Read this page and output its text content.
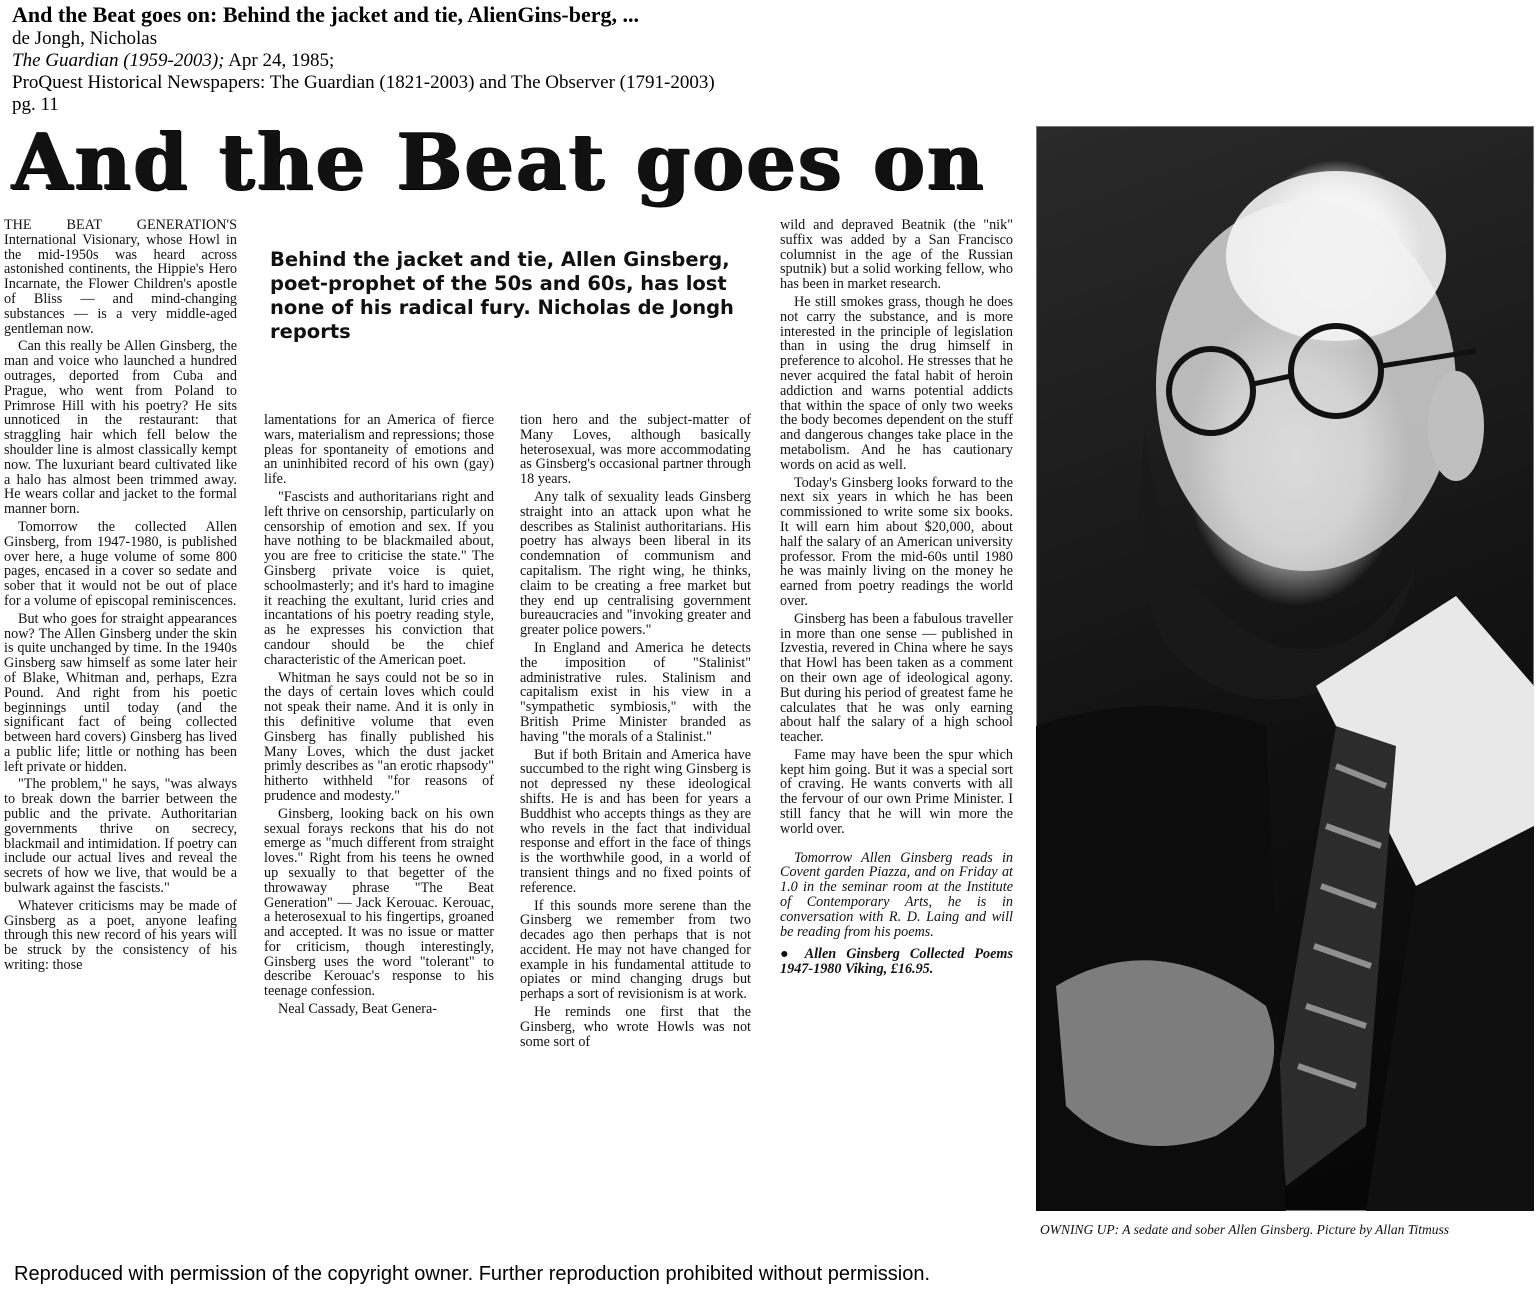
And the Beat goes on: Behind the jacket and tie, AlienGins-berg, ...
de Jongh, Nicholas
The Guardian (1959-2003); Apr 24, 1985;
ProQuest Historical Newspapers: The Guardian (1821-2003) and The Observer (1791-2003)
pg. 11
And the Beat goes on
Behind the jacket and tie, Allen Ginsberg, poet-prophet of the 50s and 60s, has lost none of his radical fury. Nicholas de Jongh reports

THE BEAT GENERATION'S International Visionary, whose Howl in the mid-1950s was heard across astonished continents, the Hippie's Hero Incarnate, the Flower Children's apostle of Bliss — and mind-changing substances — is a very middle-aged gentleman now.

Can this really be Allen Ginsberg, the man and voice who launched a hundred outrages, deported from Cuba and Prague, who went from Poland to Primrose Hill with his poetry? He sits unnoticed in the restaurant: that straggling hair which fell below the shoulder line is almost classically kempt now. The luxuriant beard cultivated like a halo has almost been trimmed away. He wears collar and jacket to the formal manner born.

Tomorrow the collected Allen Ginsberg, from 1947-1980, is published over here, a huge volume of some 800 pages, encased in a cover so sedate and sober that it would not be out of place for a volume of episcopal reminiscences.

But who goes for straight appearances now? The Allen Ginsberg under the skin is quite unchanged by time. In the 1940s Ginsberg saw himself as some later heir of Blake, Whitman and, perhaps, Ezra Pound. And right from his poetic beginnings until today (and the significant fact of being collected between hard covers) Ginsberg has lived a public life; little or nothing has been left private or hidden.

"The problem," he says, "was always to break down the barrier between the public and the private. Authoritarian governments thrive on secrecy, blackmail and intimidation. If poetry can include our actual lives and reveal the secrets of how we live, that would be a bulwark against the fascists."

Whatever criticisms may be made of Ginsberg as a poet, anyone leafing through this new record of his years will be struck by the consistency of his writing: those

lamentations for an America of fierce wars, materialism and repressions; those pleas for spontaneity of emotions and an uninhibited record of his own (gay) life.

"Fascists and authoritarians right and left thrive on censorship, particularly on censorship of emotion and sex. If you have nothing to be blackmailed about, you are free to criticise the state." The Ginsberg private voice is quiet, schoolmasterly; and it's hard to imagine it reaching the exultant, lurid cries and incantations of his poetry reading style, as he expresses his conviction that candour should be the chief characteristic of the American poet.

Whitman he says could not be so in the days of certain loves which could not speak their name. And it is only in this definitive volume that even Ginsberg has finally published his Many Loves, which the dust jacket primly describes as "an erotic rhapsody" hitherto withheld "for reasons of prudence and modesty."

Ginsberg, looking back on his own sexual forays reckons that his do not emerge as "much different from straight loves." Right from his teens he owned up sexually to that begetter of the throwaway phrase "The Beat Generation" — Jack Kerouac. Kerouac, a heterosexual to his fingertips, groaned and accepted. It was no issue or matter for criticism, though interestingly, Ginsberg uses the word "tolerant" to describe Kerouac's response to his teenage confession.

Neal Cassady, Beat Genera-

tion hero and the subject-matter of Many Loves, although basically heterosexual, was more accommodating as Ginsberg's occasional partner through 18 years.

Any talk of sexuality leads Ginsberg straight into an attack upon what he describes as Stalinist authoritarians. His poetry has always been liberal in its condemnation of communism and capitalism. The right wing, he thinks, claim to be creating a free market but they end up centralising government bureaucracies and "invoking greater and greater police powers."

In England and America he detects the imposition of "Stalinist" administrative rules. Stalinism and capitalism exist in his view in a "sympathetic symbiosis," with the British Prime Minister branded as having "the morals of a Stalinist."

But if both Britain and America have succumbed to the right wing Ginsberg is not depressed ny these ideological shifts. He is and has been for years a Buddhist who accepts things as they are who revels in the fact that individual response and effort in the face of things is the worthwhile good, in a world of transient things and no fixed points of reference.

If this sounds more serene than the Ginsberg we remember from two decades ago then perhaps that is not accident. He may not have changed for example in his fundamental attitude to opiates or mind changing drugs but perhaps a sort of revisionism is at work.

He reminds one first that the Ginsberg, who wrote Howls was not some sort of

wild and depraved Beatnik (the "nik" suffix was added by a San Francisco columnist in the age of the Russian sputnik) but a solid working fellow, who has been in market research.

He still smokes grass, though he does not carry the substance, and is more interested in the principle of legislation than in using the drug himself in preference to alcohol. He stresses that he never acquired the fatal habit of heroin addiction and warns potential addicts that within the space of only two weeks the body becomes dependent on the stuff and dangerous changes take place in the metabolism. And he has cautionary words on acid as well.

Today's Ginsberg looks forward to the next six years in which he has been commissioned to write some six books. It will earn him about $20,000, about half the salary of an American university professor. From the mid-60s until 1980 he was mainly living on the money he earned from poetry readings the world over.

Ginsberg has been a fabulous traveller in more than one sense — published in Izvestia, revered in China where he says that Howl has been taken as a comment on their own age of ideological agony. But during his period of greatest fame he calculates that he was only earning about half the salary of a high school teacher.

Fame may have been the spur which kept him going. But it was a special sort of craving. He wants converts with all the fervour of our own Prime Minister. I still fancy that he will win more the world over.

Tomorrow Allen Ginsberg reads in Covent garden Piazza, and on Friday at 1.0 in the seminar room at the Institute of Contemporary Arts, he is in conversation with R. D. Laing and will be reading from his poems.

● Allen Ginsberg Collected Poems 1947-1980 Viking, £16.95.

OWNING UP: A sedate and sober Allen Ginsberg. Picture by Allan Titmuss
Reproduced with permission of the copyright owner. Further reproduction prohibited without permission.
